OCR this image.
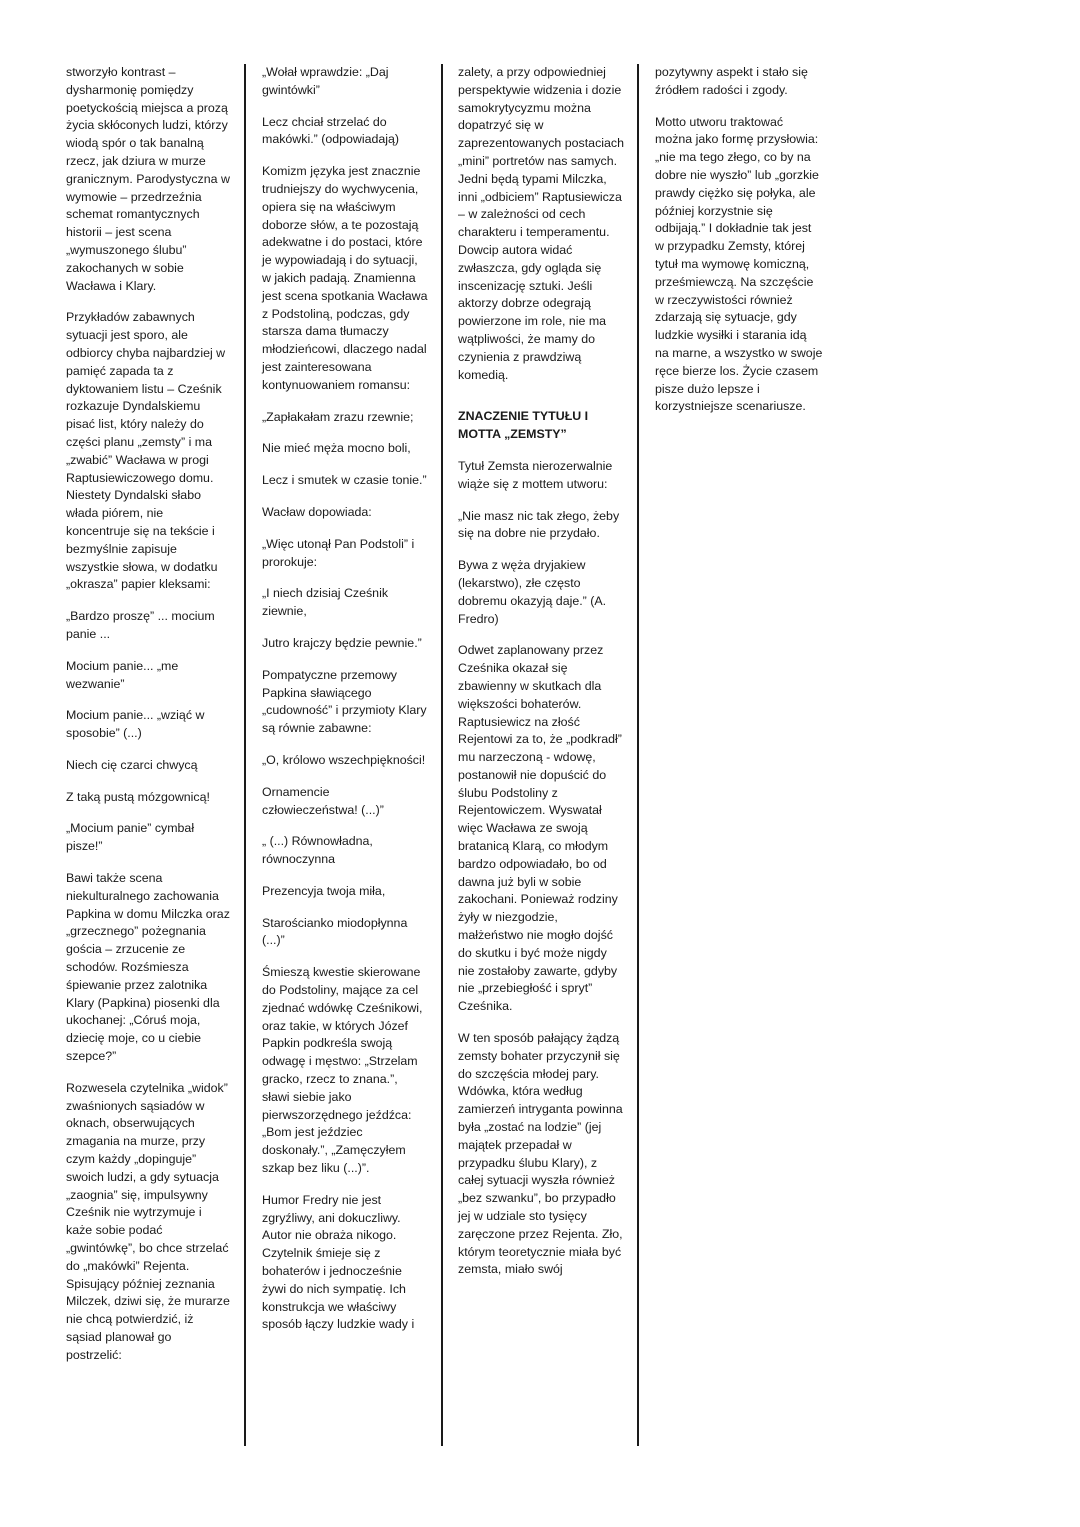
stworzyło kontrast – dysharmonię pomiędzy poetyckością miejsca a prozą życia skłóconych ludzi, którzy wiodą spór o tak banalną rzecz, jak dziura w murze granicznym. Parodystyczna w wymowie – przedrzeźnia schemat romantycznych historii – jest scena „wymuszonego ślubu” zakochanych w sobie Wacława i Klary.

Przykładów zabawnych sytuacji jest sporo, ale odbiorcy chyba najbardziej w pamięć zapada ta z dyktowaniem listu – Cześnik rozkazuje Dyndalskiemu pisać list, który należy do części planu „zemsty” i ma „zwabić” Wacława w progi Raptusiewiczowego domu. Niestety Dyndalski słabo włada piórem, nie koncentruje się na tekście i bezmyślnie zapisuje wszystkie słowa, w dodatku „okrasza” papier kleksami:

„Bardzo proszę” ... mocium panie ...

Mocium panie... „me wezwanie”

Mocium panie... „wziąć w sposobie” (...)

Niech cię czarci chwycą

Z taką pustą mózgownicą!

„Mocium panie” cymbał pisze!”

Bawi także scena niekulturalnego zachowania Papkina w domu Milczka oraz „grzecznego” pożegnania gościa – zrzucenie ze schodów. Rozśmiesza śpiewanie przez zalotnika Klary (Papkina) piosenki dla ukochanej: „Córuś moja, dziecię moje, co u ciebie szepce?”

Rozwesela czytelnika „widok” zwaśnionych sąsiadów w oknach, obserwujących zmagania na murze, przy czym każdy „dopinguje” swoich ludzi, a gdy sytuacja „zaognia” się, impulsywny Cześnik nie wytrzymuje i każe sobie podać „gwintówkę”, bo chce strzelać do „makówki” Rejenta. Spisujący później zeznania Milczek, dziwi się, że murarze nie chcą potwierdzić, iż sąsiad planował go postrzelić:

„Wołał wprawdzie: „Daj gwintówki”

Lecz chciał strzelać do makówki.” (odpowiadają)

Komizm języka jest znacznie trudniejszy do wychwycenia, opiera się na właściwym doborze słów, a te pozostają adekwatne i do postaci, które je wypowiadają i do sytuacji, w jakich padają. Znamienna jest scena spotkania Wacława z Podstoliną, podczas, gdy starsza dama tłumaczy młodzieńcowi, dlaczego nadal jest zainteresowana kontynuowaniem romansu:

„Zapłakałam zrazu rzewnie;

Nie mieć męża mocno boli,

Lecz i smutek w czasie tonie.”

Wacław dopowiada:

„Więc utonął Pan Podstoli” i prorokuje:

„I niech dzisiaj Cześnik ziewnie,

Jutro krajczy będzie pewnie.”

Pompatyczne przemowy Papkina sławiącego „cudowność” i przymioty Klary są równie zabawne:

„O, królowo wszechpiękności!

Ornamencie człowieczeństwa! (...)”

„ (...) Równowładna, równoczynna

Prezencyja twoja miła,

Starościanko miodopłynna (...)”

Śmieszą kwestie skierowane do Podstoliny, mające za cel zjednać wdówkę Cześnikowi, oraz takie, w których Józef Papkin podkreśla swoją odwagę i męstwo: „Strzelam gracko, rzecz to znana.”, sławi siebie jako pierwszorzędnego jeźdźca: „Bom jest jeździec doskonały.”, „Zamęczyłem szkap bez liku (...)”.

Humor Fredry nie jest zgryźliwy, ani dokuczliwy. Autor nie obraża nikogo. Czytelnik śmieje się z bohaterów i jednocześnie żywi do nich sympatię. Ich konstrukcja we właściwy sposób łączy ludzkie wady i

zalety, a przy odpowiedniej perspektywie widzenia i dozie samokrytycyzmu można dopatrzyć się w zaprezentowanych postaciach „mini” portretów nas samych. Jedni będą typami Milczka, inni „odbiciem” Raptusiewicza – w zależności od cech charakteru i temperamentu. Dowcip autora widać zwłaszcza, gdy ogląda się inscenizację sztuki. Jeśli aktorzy dobrze odegrają powierzone im role, nie ma wątpliwości, że mamy do czynienia z prawdziwą komedią.

ZNACZENIE TYTUŁU I MOTTA „ZEMSTY”

Tytuł Zemsta nierozerwalnie wiąże się z mottem utworu:

„Nie masz nic tak złego, żeby się na dobre nie przydało.

Bywa z węża dryjakiew (lekarstwo), złe często dobremu okazyją daje.” (A. Fredro)

Odwet zaplanowany przez Cześnika okazał się zbawienny w skutkach dla większości bohaterów. Raptusiewicz na złość Rejentowi za to, że „podkradł” mu narzeczoną - wdowę, postanowił nie dopuścić do ślubu Podstoliny z Rejentowiczem. Wyswatał więc Wacława ze swoją bratanicą Klarą, co młodym bardzo odpowiadało, bo od dawna już byli w sobie zakochani. Ponieważ rodziny żyły w niezgodzie, małżeństwo nie mogło dojść do skutku i być może nigdy nie zostałoby zawarte, gdyby nie „przebiegłość i spryt” Cześnika.

W ten sposób pałający żądzą zemsty bohater przyczynił się do szczęścia młodej pary. Wdówka, która według zamierzeń intryganta powinna była „zostać na lodzie” (jej majątek przepadał w przypadku ślubu Klary), z całej sytuacji wyszła również „bez szwanku”, bo przypadło jej w udziale sto tysięcy zaręczone przez Rejenta. Zło, którym teoretycznie miała być zemsta, miało swój

pozytywny aspekt i stało się źródłem radości i zgody.

Motto utworu traktować można jako formę przysłowia: „nie ma tego złego, co by na dobre nie wyszło” lub „gorzkie prawdy ciężko się połyka, ale później korzystnie się odbijają.” I dokładnie tak jest w przypadku Zemsty, której tytuł ma wymowę komiczną, prześmiewczą. Na szczęście w rzeczywistości również zdarzają się sytuacje, gdy ludzkie wysiłki i starania idą na marne, a wszystko w swoje ręce bierze los. Życie czasem pisze dużo lepsze i korzystniejsze scenariusze.
